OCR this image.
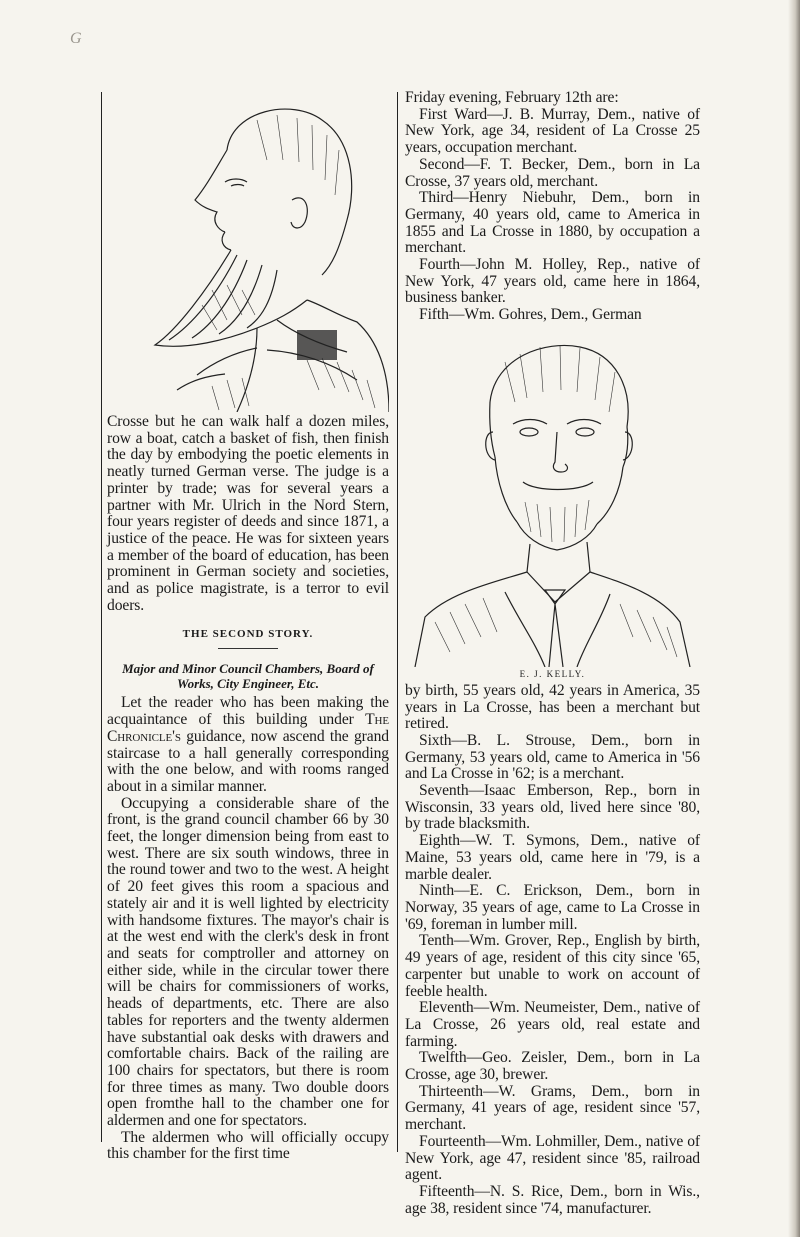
G

Crosse but he can walk half a dozen miles, row a boat, catch a basket of fish, then finish the day by embodying the poetic elements in neatly turned German verse. The judge is a printer by trade; was for several years a partner with Mr. Ulrich in the Nord Stern, four years register of deeds and since 1871, a justice of the peace. He was for sixteen years a member of the board of education, has been prominent in German society and societies, and as police magistrate, is a terror to evil doers.

THE SECOND STORY.
Major and Minor Council Chambers, Board of Works, City Engineer, Etc.

Let the reader who has been making the acquaintance of this building under The Chronicle's guidance, now ascend the grand staircase to a hall generally corresponding with the one below, and with rooms ranged about in a similar manner.

Occupying a considerable share of the front, is the grand council chamber 66 by 30 feet, the longer dimension being from east to west. There are six south windows, three in the round tower and two to the west. A height of 20 feet gives this room a spacious and stately air and it is well lighted by electricity with handsome fixtures. The mayor's chair is at the west end with the clerk's desk in front and seats for comptroller and attorney on either side, while in the circular tower there will be chairs for commissioners of works, heads of departments, etc. There are also tables for reporters and the twenty aldermen have substantial oak desks with drawers and comfortable chairs. Back of the railing are 100 chairs for spectators, but there is room for three times as many. Two double doors open fromthe hall to the chamber one for aldermen and one for spectators.

The aldermen who will officially occupy this chamber for the first time

Friday evening, February 12th are:

First Ward—J. B. Murray, Dem., native of New York, age 34, resident of La Crosse 25 years, occupation merchant.

Second—F. T. Becker, Dem., born in La Crosse, 37 years old, merchant.

Third—Henry Niebuhr, Dem., born in Germany, 40 years old, came to America in 1855 and La Crosse in 1880, by occupation a merchant.

Fourth—John M. Holley, Rep., native of New York, 47 years old, came here in 1864, business banker.

Fifth—Wm. Gohres, Dem., German

E. J. KELLY.

by birth, 55 years old, 42 years in America, 35 years in La Crosse, has been a merchant but retired.

Sixth—B. L. Strouse, Dem., born in Germany, 53 years old, came to America in '56 and La Crosse in '62; is a merchant.

Seventh—Isaac Emberson, Rep., born in Wisconsin, 33 years old, lived here since '80, by trade blacksmith.

Eighth—W. T. Symons, Dem., native of Maine, 53 years old, came here in '79, is a marble dealer.

Ninth—E. C. Erickson, Dem., born in Norway, 35 years of age, came to La Crosse in '69, foreman in lumber mill.

Tenth—Wm. Grover, Rep., English by birth, 49 years of age, resident of this city since '65, carpenter but unable to work on account of feeble health.

Eleventh—Wm. Neumeister, Dem., native of La Crosse, 26 years old, real estate and farming.

Twelfth—Geo. Zeisler, Dem., born in La Crosse, age 30, brewer.

Thirteenth—W. Grams, Dem., born in Germany, 41 years of age, resident since '57, merchant.

Fourteenth—Wm. Lohmiller, Dem., native of New York, age 47, resident since '85, railroad agent.

Fifteenth—N. S. Rice, Dem., born in Wis., age 38, resident since '74, manufacturer.
